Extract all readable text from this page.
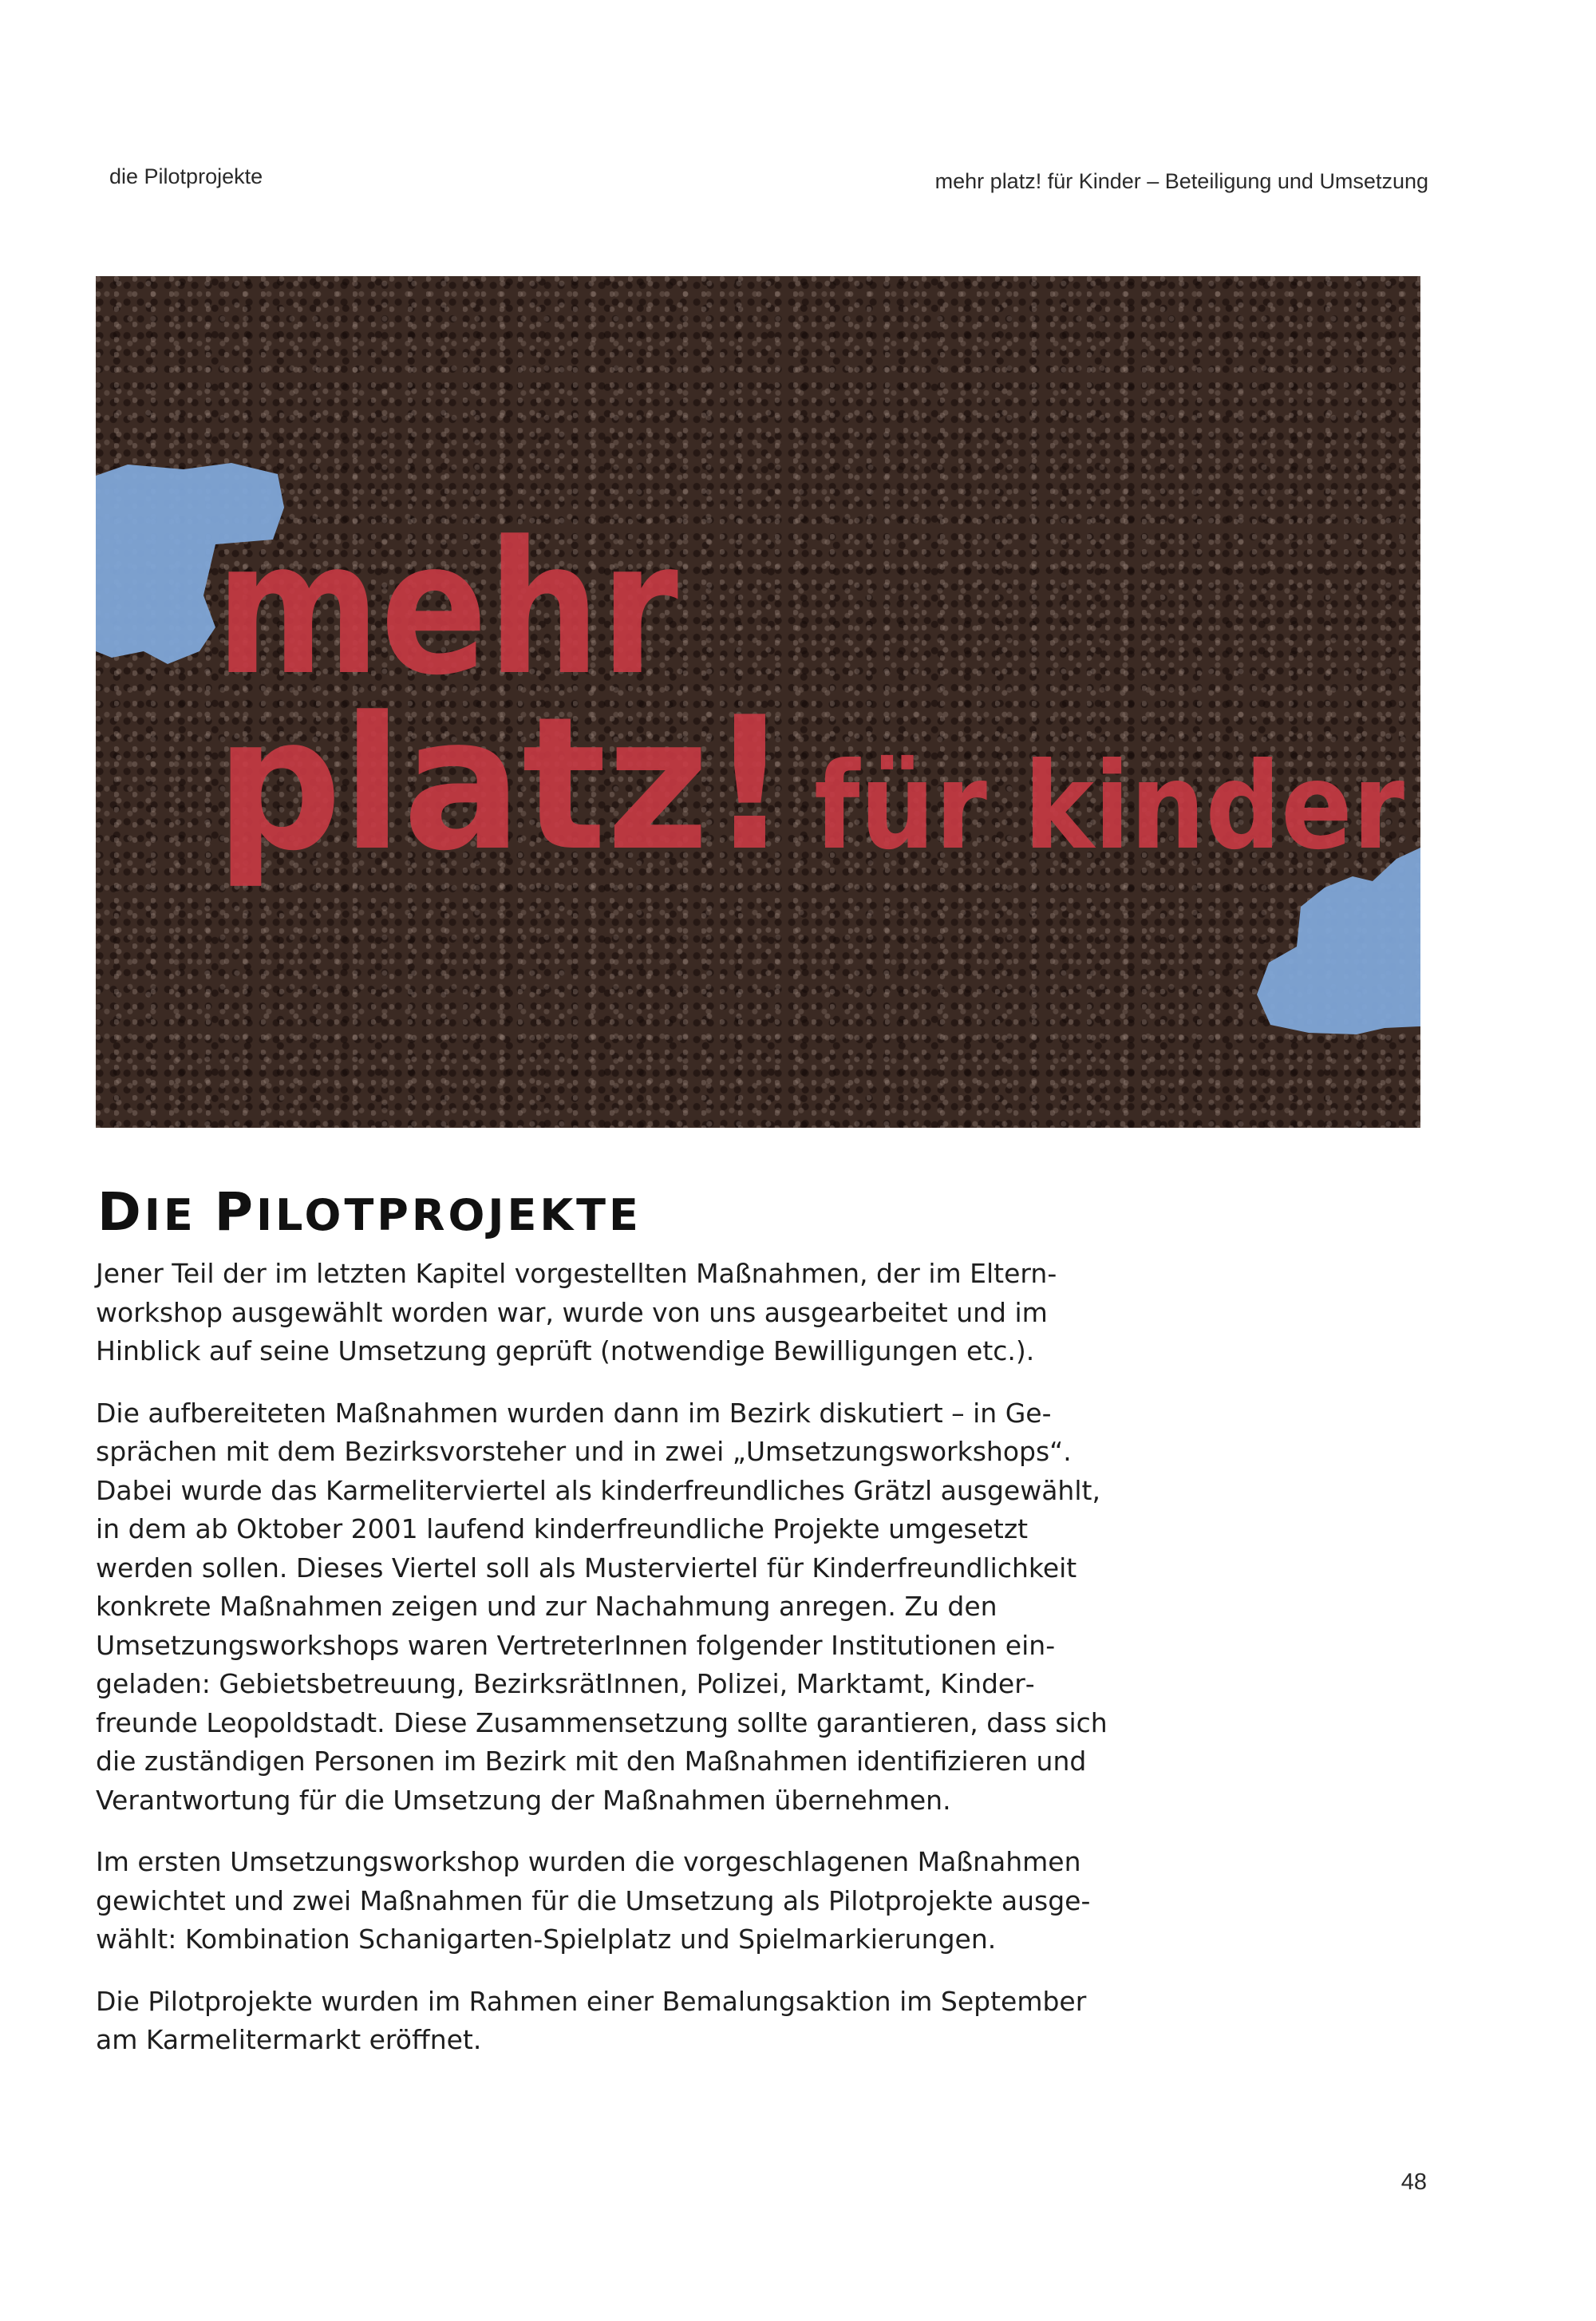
die Pilotprojekte	mehr platz! für Kinder – Beteiligung und Umsetzung
mehr
platz! für kinder
DIE PILOTPROJEKTE

Jener Teil der im letzten Kapitel vorgestellten Maßnahmen, der im Elternworkshop ausgewählt worden war, wurde von uns ausgearbeitet und im Hinblick auf seine Umsetzung geprüft (notwendige Bewilligungen etc.).

Die aufbereiteten Maßnahmen wurden dann im Bezirk diskutiert – in Gesprächen mit dem Bezirksvorsteher und in zwei „Umsetzungsworkshops“. Dabei wurde das Karmeliterviertel als kinderfreundliches Grätzl ausgewählt, in dem ab Oktober 2001 laufend kinderfreundliche Projekte umgesetzt werden sollen. Dieses Viertel soll als Musterviertel für Kinderfreundlichkeit konkrete Maßnahmen zeigen und zur Nachahmung anregen. Zu den Umsetzungsworkshops waren VertreterInnen folgender Institutionen eingeladen: Gebietsbetreuung, BezirksrätInnen, Polizei, Marktamt, Kinderfreunde Leopoldstadt. Diese Zusammensetzung sollte garantieren, dass sich die zuständigen Personen im Bezirk mit den Maßnahmen identifizieren und Verantwortung für die Umsetzung der Maßnahmen übernehmen.

Im ersten Umsetzungsworkshop wurden die vorgeschlagenen Maßnahmen gewichtet und zwei Maßnahmen für die Umsetzung als Pilotprojekte ausgewählt: Kombination Schanigarten-Spielplatz und Spielmarkierungen.

Die Pilotprojekte wurden im Rahmen einer Bemalungsaktion im September am Karmelitermarkt eröffnet.

48
